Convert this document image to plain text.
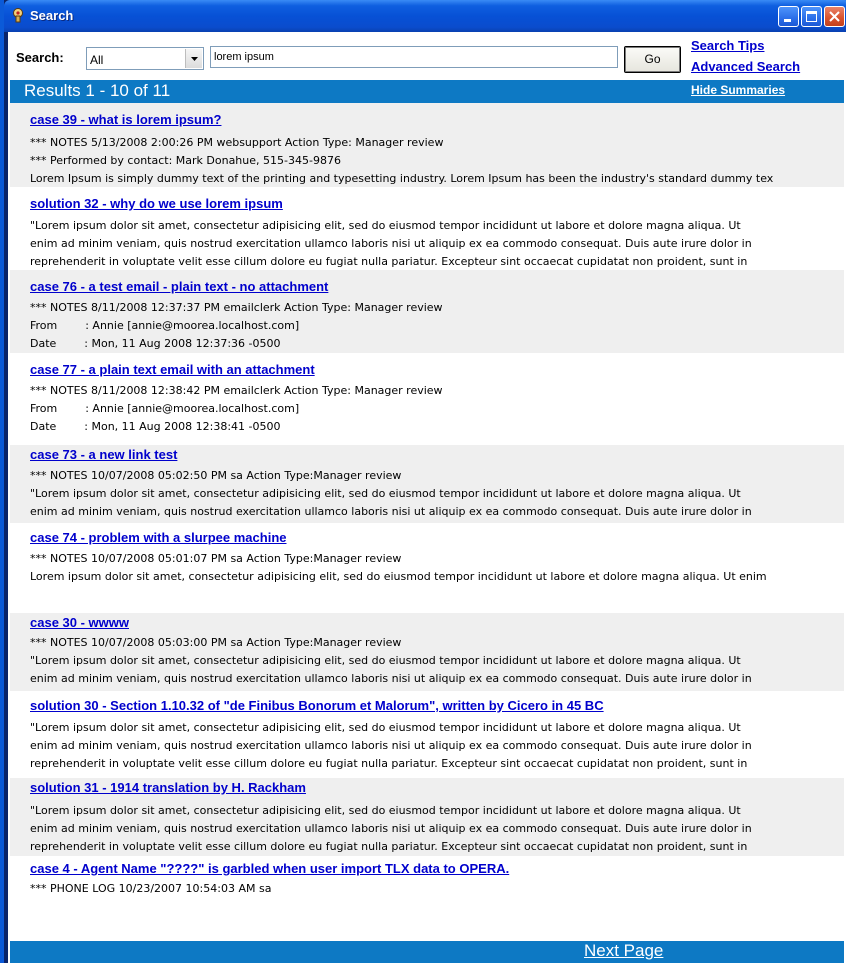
Search
Search: All
lorem ipsum	Go
Search Tips
Advanced Search
Results 1 - 10 of 11	Hide Summaries
case 39 - what is lorem ipsum?
*** NOTES 5/13/2008 2:00:26 PM websupport Action Type: Manager review
*** Performed by contact: Mark Donahue, 515-345-9876
Lorem Ipsum is simply dummy text of the printing and typesetting industry. Lorem Ipsum has been the industry's standard dummy tex
solution 32 - why do we use lorem ipsum
"Lorem ipsum dolor sit amet, consectetur adipisicing elit, sed do eiusmod tempor incididunt ut labore et dolore magna aliqua. Ut
enim ad minim veniam, quis nostrud exercitation ullamco laboris nisi ut aliquip ex ea commodo consequat. Duis aute irure dolor in
reprehenderit in voluptate velit esse cillum dolore eu fugiat nulla pariatur. Excepteur sint occaecat cupidatat non proident, sunt in
case 76 - a test email - plain text - no attachment
*** NOTES 8/11/2008 12:37:37 PM emailclerk Action Type: Manager review
From        : Annie [annie@moorea.localhost.com]
Date        : Mon, 11 Aug 2008 12:37:36 -0500
case 77 - a plain text email with an attachment
*** NOTES 8/11/2008 12:38:42 PM emailclerk Action Type: Manager review
From        : Annie [annie@moorea.localhost.com]
Date        : Mon, 11 Aug 2008 12:38:41 -0500
case 73 - a new link test
*** NOTES 10/07/2008 05:02:50 PM sa Action Type:Manager review
"Lorem ipsum dolor sit amet, consectetur adipisicing elit, sed do eiusmod tempor incididunt ut labore et dolore magna aliqua. Ut
enim ad minim veniam, quis nostrud exercitation ullamco laboris nisi ut aliquip ex ea commodo consequat. Duis aute irure dolor in
case 74 - problem with a slurpee machine
*** NOTES 10/07/2008 05:01:07 PM sa Action Type:Manager review
Lorem ipsum dolor sit amet, consectetur adipisicing elit, sed do eiusmod tempor incididunt ut labore et dolore magna aliqua. Ut enim
case 30 - wwww
*** NOTES 10/07/2008 05:03:00 PM sa Action Type:Manager review
"Lorem ipsum dolor sit amet, consectetur adipisicing elit, sed do eiusmod tempor incididunt ut labore et dolore magna aliqua. Ut
enim ad minim veniam, quis nostrud exercitation ullamco laboris nisi ut aliquip ex ea commodo consequat. Duis aute irure dolor in
solution 30 - Section 1.10.32 of "de Finibus Bonorum et Malorum", written by Cicero in 45 BC
"Lorem ipsum dolor sit amet, consectetur adipisicing elit, sed do eiusmod tempor incididunt ut labore et dolore magna aliqua. Ut
enim ad minim veniam, quis nostrud exercitation ullamco laboris nisi ut aliquip ex ea commodo consequat. Duis aute irure dolor in
reprehenderit in voluptate velit esse cillum dolore eu fugiat nulla pariatur. Excepteur sint occaecat cupidatat non proident, sunt in
solution 31 - 1914 translation by H. Rackham
"Lorem ipsum dolor sit amet, consectetur adipisicing elit, sed do eiusmod tempor incididunt ut labore et dolore magna aliqua. Ut
enim ad minim veniam, quis nostrud exercitation ullamco laboris nisi ut aliquip ex ea commodo consequat. Duis aute irure dolor in
reprehenderit in voluptate velit esse cillum dolore eu fugiat nulla pariatur. Excepteur sint occaecat cupidatat non proident, sunt in
case 4 - Agent Name "????" is garbled when user import TLX data to OPERA.
*** PHONE LOG 10/23/2007 10:54:03 AM sa
Next Page
